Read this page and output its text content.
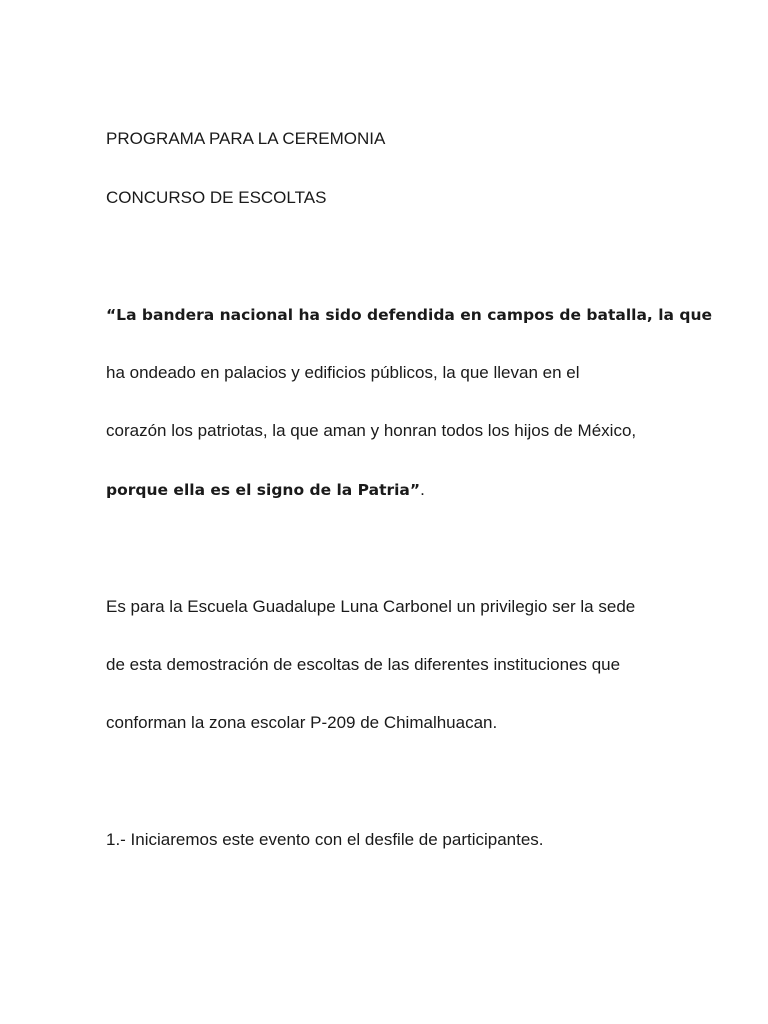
PROGRAMA PARA LA CEREMONIA

CONCURSO DE ESCOLTAS

“La bandera nacional ha sido defendida en campos de batalla, la que

ha ondeado en palacios y edificios públicos, la que llevan en el

corazón los patriotas, la que aman y honran todos los hijos de México,

porque ella es el signo de la Patria”.

Es para la Escuela Guadalupe Luna Carbonel un privilegio ser la sede

de esta demostración de escoltas de las diferentes instituciones que

conforman la zona escolar P-209 de Chimalhuacan.

1.- Iniciaremos este evento con el desfile de participantes.
